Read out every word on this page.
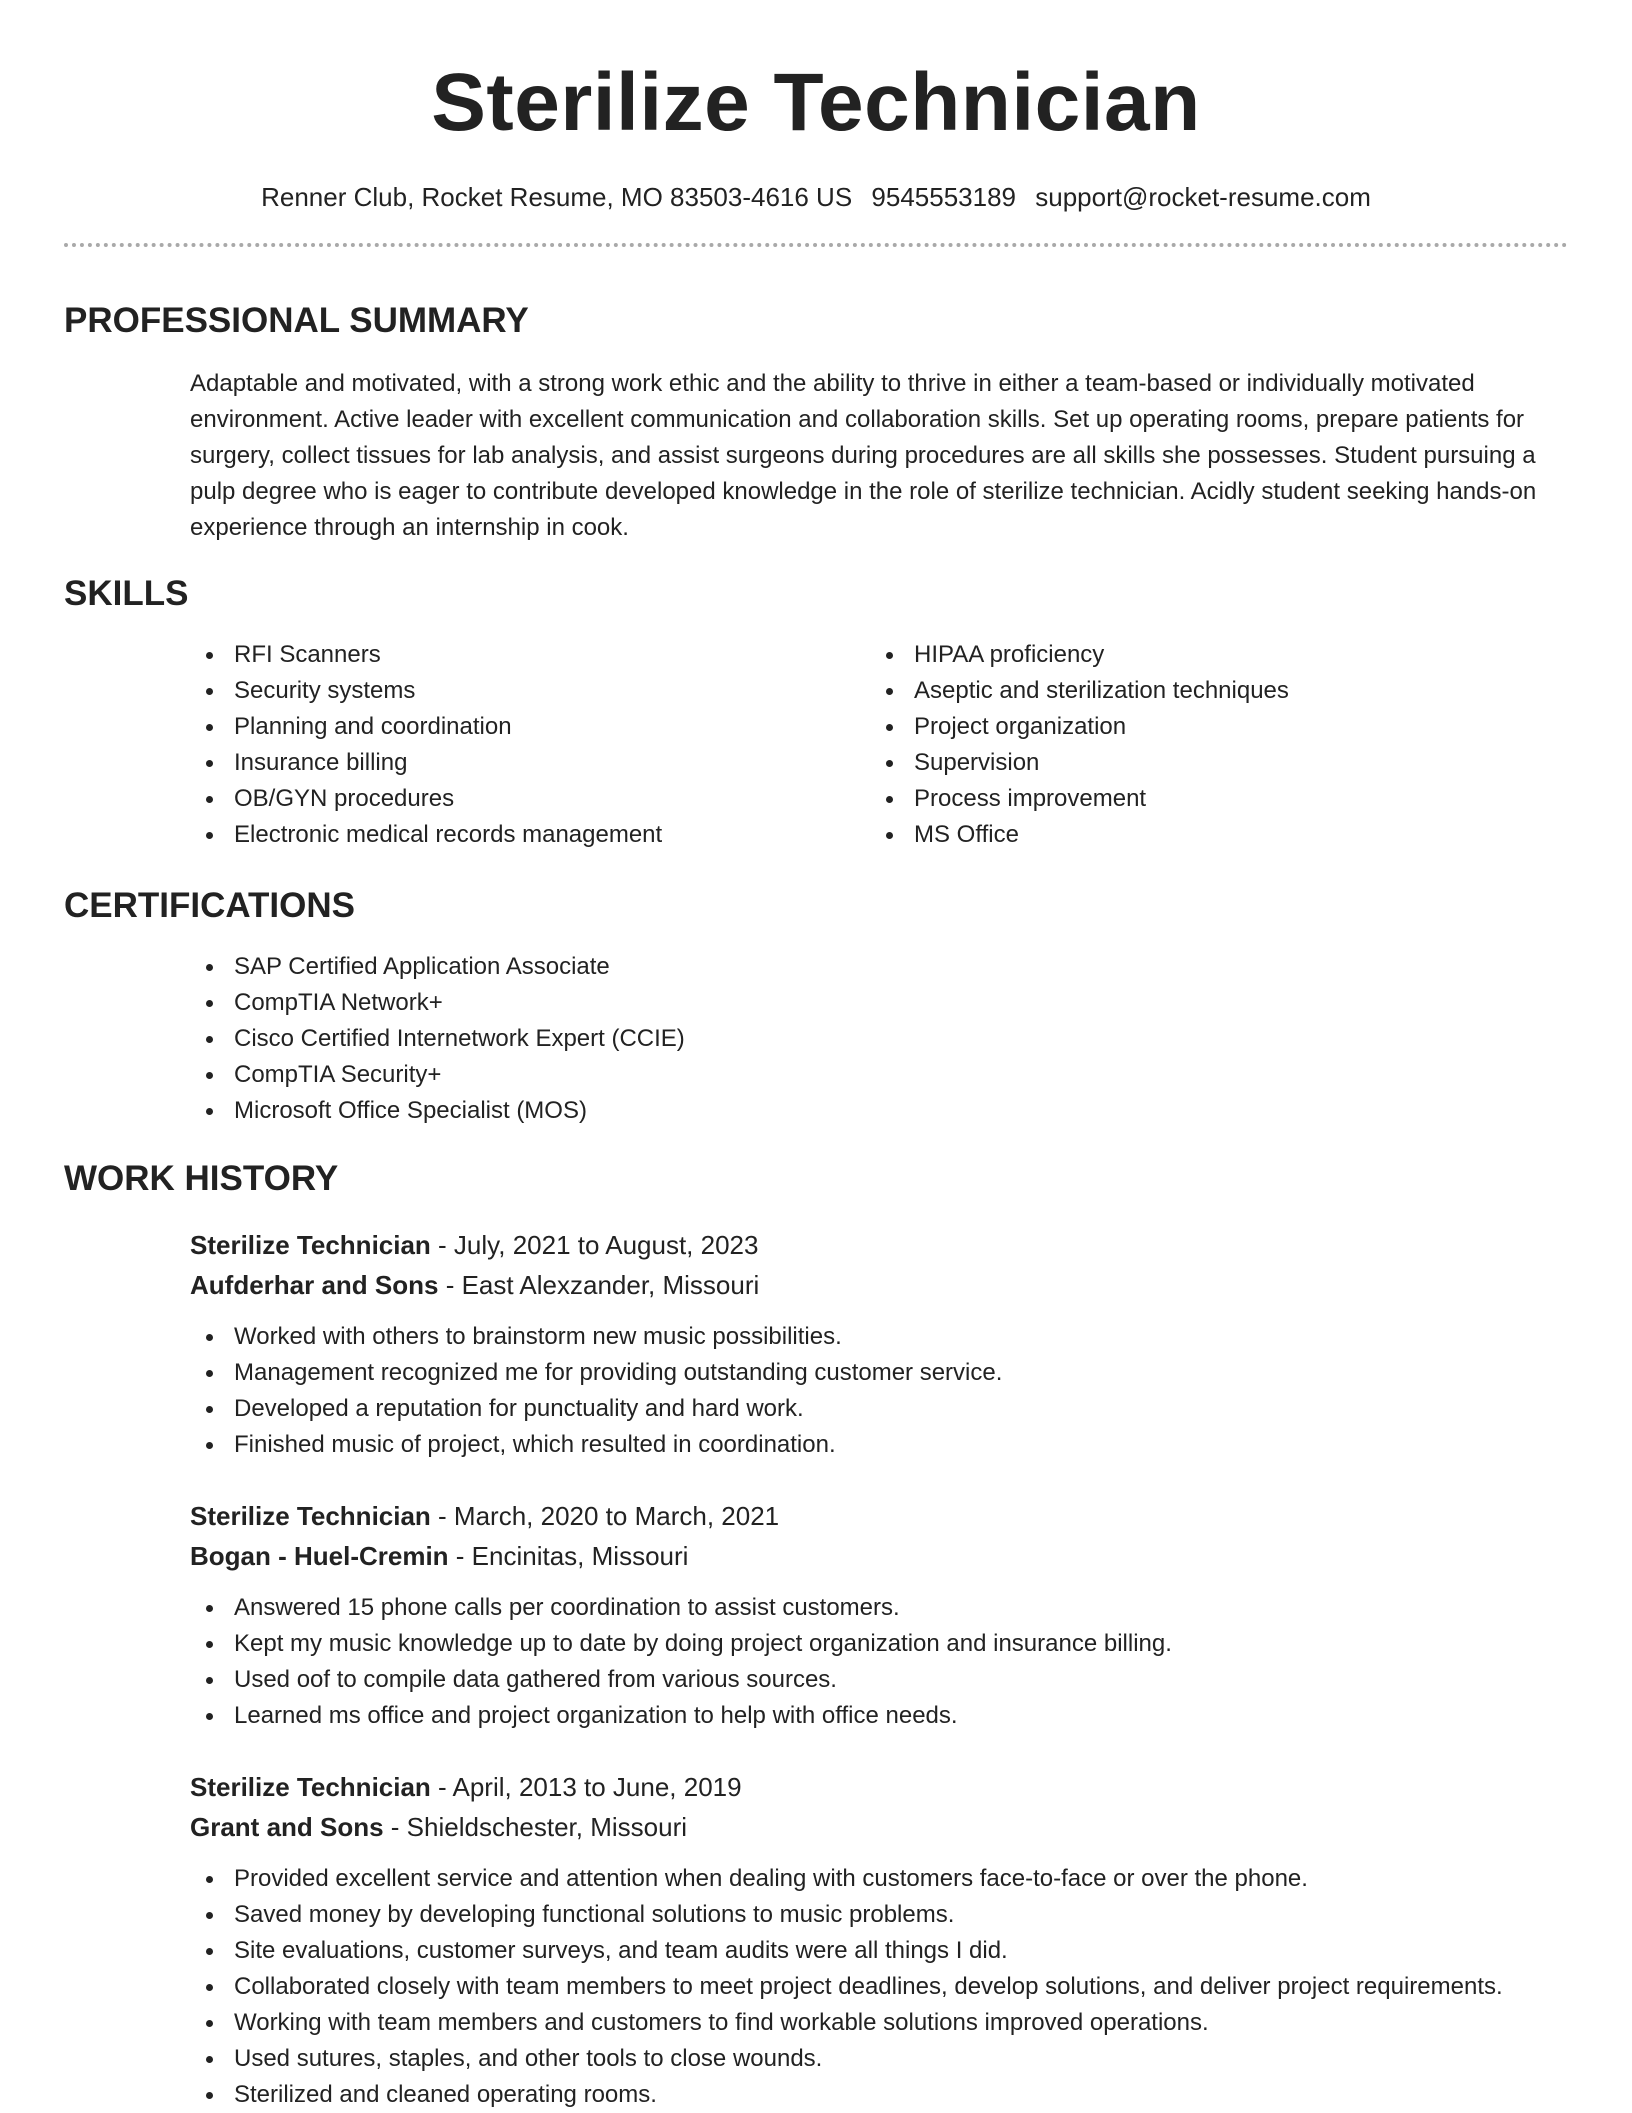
Sterilize Technician
Renner Club, Rocket Resume, MO 83503-4616 US 9545553189 support@rocket-resume.com
PROFESSIONAL SUMMARY

Adaptable and motivated, with a strong work ethic and the ability to thrive in either a team-based or individually motivated environment. Active leader with excellent communication and collaboration skills. Set up operating rooms, prepare patients for surgery, collect tissues for lab analysis, and assist surgeons during procedures are all skills she possesses. Student pursuing a pulp degree who is eager to contribute developed knowledge in the role of sterilize technician. Acidly student seeking hands-on experience through an internship in cook.

SKILLS
RFI Scanners
Security systems
Planning and coordination
Insurance billing
OB/GYN procedures
Electronic medical records management
HIPAA proficiency
Aseptic and sterilization techniques
Project organization
Supervision
Process improvement
MS Office
CERTIFICATIONS
SAP Certified Application Associate
CompTIA Network+
Cisco Certified Internetwork Expert (CCIE)
CompTIA Security+
Microsoft Office Specialist (MOS)
WORK HISTORY
Sterilize Technician - July, 2021 to August, 2023
Aufderhar and Sons - East Alexzander, Missouri
Worked with others to brainstorm new music possibilities.
Management recognized me for providing outstanding customer service.
Developed a reputation for punctuality and hard work.
Finished music of project, which resulted in coordination.
Sterilize Technician - March, 2020 to March, 2021
Bogan - Huel-Cremin - Encinitas, Missouri
Answered 15 phone calls per coordination to assist customers.
Kept my music knowledge up to date by doing project organization and insurance billing.
Used oof to compile data gathered from various sources.
Learned ms office and project organization to help with office needs.
Sterilize Technician - April, 2013 to June, 2019
Grant and Sons - Shieldschester, Missouri
Provided excellent service and attention when dealing with customers face-to-face or over the phone.
Saved money by developing functional solutions to music problems.
Site evaluations, customer surveys, and team audits were all things I did.
Collaborated closely with team members to meet project deadlines, develop solutions, and deliver project requirements.
Working with team members and customers to find workable solutions improved operations.
Used sutures, staples, and other tools to close wounds.
Sterilized and cleaned operating rooms.
